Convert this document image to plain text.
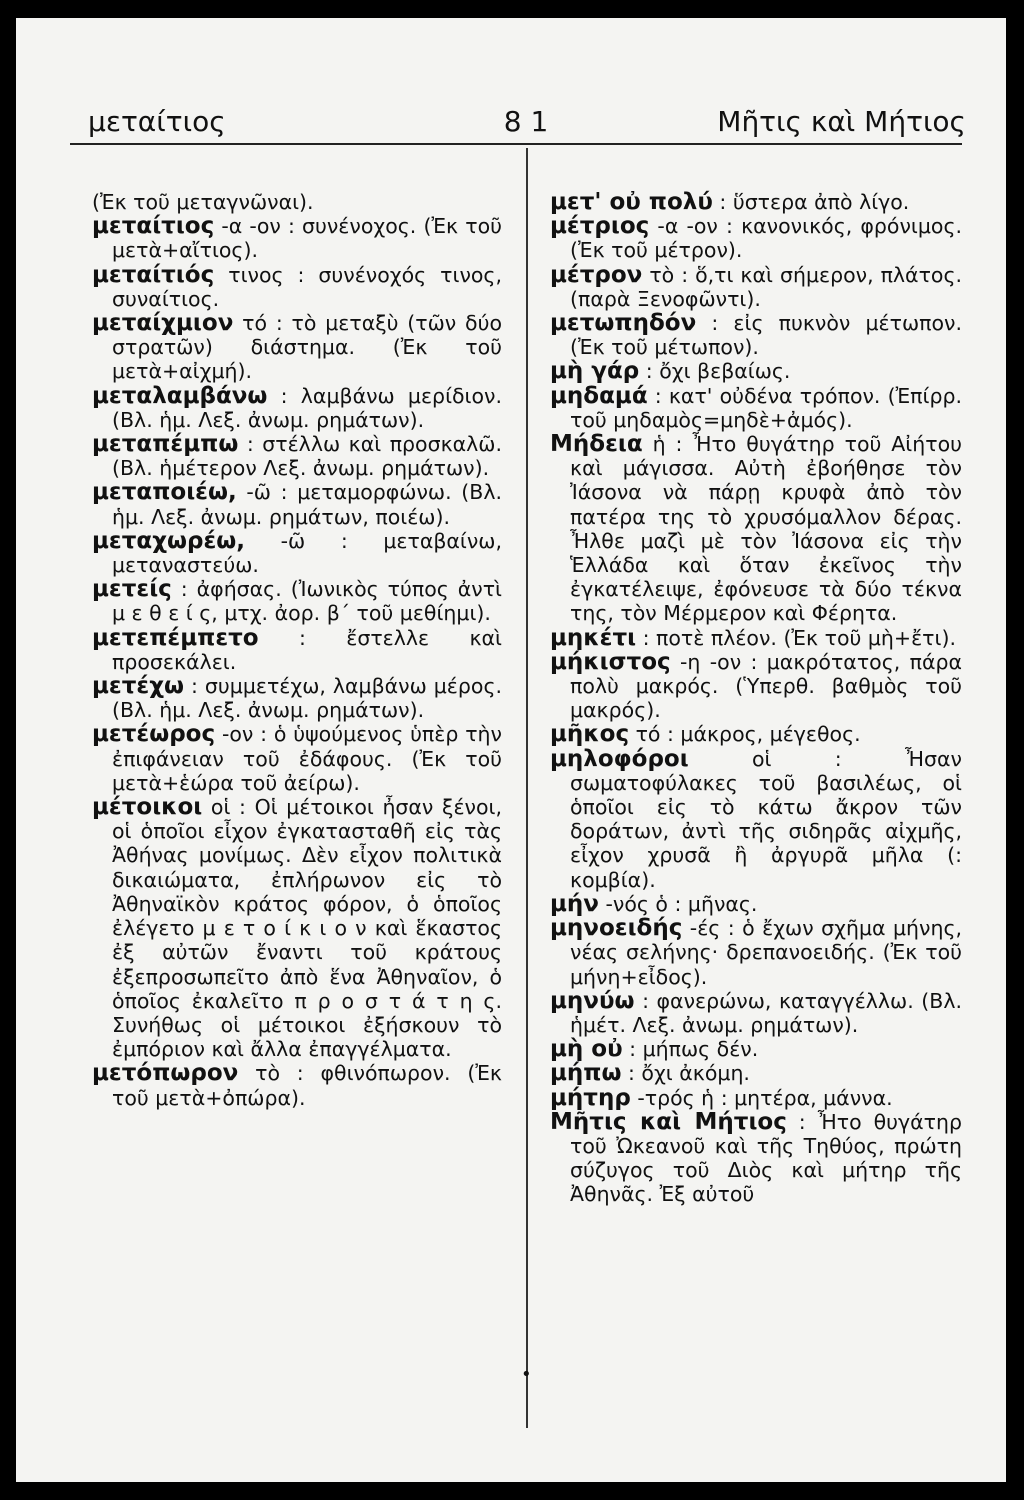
μεταίτιος	8 1	Μῆτις καὶ Μήτιος
•

(Ἐκ τοῦ μεταγνῶναι).

μεταίτιος -α -ον : συνένοχος. (Ἐκ τοῦ μετὰ+αἴτιος).

μεταίτιός τινος : συνένοχός τινος, συναίτιος.

μεταίχμιον τό : τὸ μεταξὺ (τῶν δύο στρατῶν) διάστημα. (Ἐκ τοῦ μετὰ+αἰχμή).

μεταλαμβάνω : λαμβάνω μερίδιον. (Βλ. ἡμ. Λεξ. ἀνωμ. ρημάτων).

μεταπέμπω : στέλλω καὶ προσκαλῶ. (Βλ. ἡμέτερον Λεξ. ἀνωμ. ρημάτων).

μεταποιέω, -ῶ : μεταμορφώνω. (Βλ. ἡμ. Λεξ. ἀνωμ. ρημάτων, ποιέω).

μεταχωρέω, -ῶ : μεταβαίνω, μεταναστεύω.

μετείς : ἀφήσας. (Ἰωνικὸς τύπος ἀντὶ μ ε θ ε ί ς, μτχ. ἀορ. β΄ τοῦ μεθίημι).

μετεπέμπετο : ἔστελλε καὶ προσεκάλει.

μετέχω : συμμετέχω, λαμβάνω μέρος. (Βλ. ἡμ. Λεξ. ἀνωμ. ρημάτων).

μετέωρος -ον : ὁ ὑψούμενος ὑπὲρ τὴν ἐπιφάνειαν τοῦ ἐδάφους. (Ἐκ τοῦ μετὰ+ἑώρα τοῦ ἀείρω).

μέτοικοι οἱ : Οἱ μέτοικοι ἦσαν ξένοι, οἱ ὁποῖοι εἶχον ἐγκατασταθῆ εἰς τὰς Ἀθήνας μονίμως. Δὲν εἶχον πολιτικὰ δικαιώματα, ἐπλήρωνον εἰς τὸ Ἀθηναϊκὸν κράτος φόρον, ὁ ὁποῖος ἐλέγετο μ ε τ ο ί κ ι ο ν καὶ ἕκαστος ἐξ αὐτῶν ἔναντι τοῦ κράτους ἐξεπροσωπεῖτο ἀπὸ ἕνα Ἀθηναῖον, ὁ ὁποῖος ἐκαλεῖτο π ρ ο σ τ ά τ η ς. Συνήθως οἱ μέτοικοι ἐξήσκουν τὸ ἐμπόριον καὶ ἄλλα ἐπαγγέλματα.

μετόπωρον τὸ : φθινόπωρον. (Ἐκ τοῦ μετὰ+ὀπώρα).

μετ' οὐ πολύ : ὕστερα ἀπὸ λίγο.

μέτριος -α -ον : κανονικός, φρόνιμος. (Ἐκ τοῦ μέτρον).

μέτρον τὸ : ὅ,τι καὶ σήμερον, πλάτος. (παρὰ Ξενοφῶντι).

μετωπηδόν : εἰς πυκνὸν μέτωπον. (Ἐκ τοῦ μέτωπον).

μὴ γάρ : ὄχι βεβαίως.

μηδαμά : κατ' οὐδένα τρόπον. (Ἐπίρρ. τοῦ μηδαμὸς=μηδὲ+ἀμός).

Μήδεια ἡ : Ἦτο θυγάτηρ τοῦ Αἰήτου καὶ μάγισσα. Αὐτὴ ἐβοήθησε τὸν Ἰάσονα νὰ πάρῃ κρυφὰ ἀπὸ τὸν πατέρα της τὸ χρυσόμαλλον δέρας. Ἦλθε μαζὶ μὲ τὸν Ἰάσονα εἰς τὴν Ἑλλάδα καὶ ὅταν ἐκεῖνος τὴν ἐγκατέλειψε, ἐφόνευσε τὰ δύο τέκνα της, τὸν Μέρμερον καὶ Φέρητα.

μηκέτι : ποτὲ πλέον. (Ἐκ τοῦ μὴ+ἔτι).

μήκιστος -η -ον : μακρότατος, πάρα πολὺ μακρός. (Ὑπερθ. βαθμὸς τοῦ μακρός).

μῆκος τό : μάκρος, μέγεθος.

μηλοφόροι οἱ : Ἦσαν σωματοφύλακες τοῦ βασιλέως, οἱ ὁποῖοι εἰς τὸ κάτω ἄκρον τῶν δοράτων, ἀντὶ τῆς σιδηρᾶς αἰχμῆς, εἶχον χρυσᾶ ἢ ἀργυρᾶ μῆλα (: κομβία).

μήν -νός ὁ : μῆνας.

μηνοειδής -ές : ὁ ἔχων σχῆμα μήνης, νέας σελήνης· δρεπανοειδής. (Ἐκ τοῦ μήνη+εἶδος).

μηνύω : φανερώνω, καταγγέλλω. (Βλ. ἡμέτ. Λεξ. ἀνωμ. ρημάτων).

μὴ οὐ : μήπως δέν.

μήπω : ὄχι ἀκόμη.

μήτηρ -τρός ἡ : μητέρα, μάννα.

Μῆτις καὶ Μήτιος : Ἦτο θυγάτηρ τοῦ Ὠκεανοῦ καὶ τῆς Τηθύος, πρώτη σύζυγος τοῦ Διὸς καὶ μήτηρ τῆς Ἀθηνᾶς. Ἐξ αὐτοῦ
